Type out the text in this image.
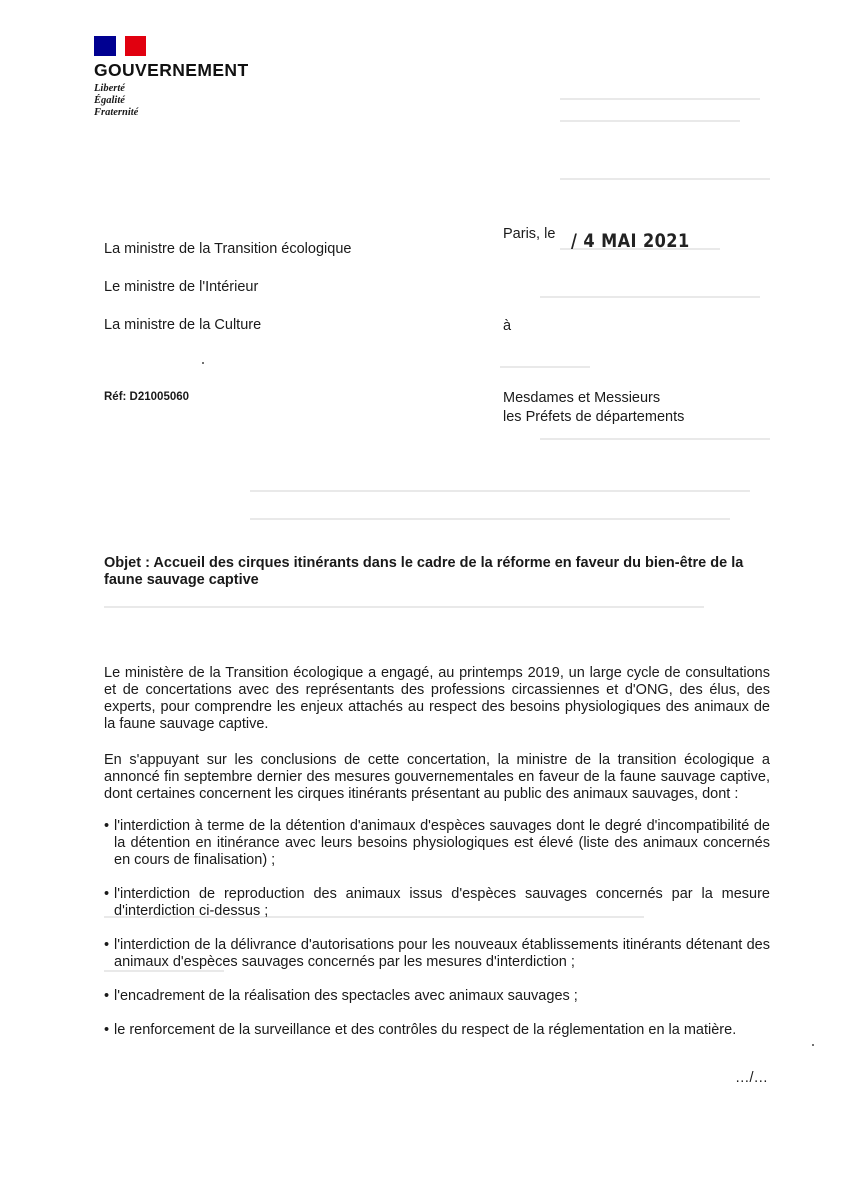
GOUVERNEMENT
Liberté
Égalité
Fraternité
La ministre de la Transition écologique
Le ministre de l'Intérieur
La ministre de la Culture
Paris, le / 4 MAI 2021
à
Réf: D21005060	Mesdames et Messieurs
les Préfets de départements
Objet : Accueil des cirques itinérants dans le cadre de la réforme en faveur du bien-être de la faune sauvage captive
Le ministère de la Transition écologique a engagé, au printemps 2019, un large cycle de consultations et de concertations avec des représentants des professions circassiennes et d'ONG, des élus, des experts, pour comprendre les enjeux attachés au respect des besoins physiologiques des animaux de la faune sauvage captive.
En s'appuyant sur les conclusions de cette concertation, la ministre de la transition écologique a annoncé fin septembre dernier des mesures gouvernementales en faveur de la faune sauvage captive, dont certaines concernent les cirques itinérants présentant au public des animaux sauvages, dont :
• l'interdiction à terme de la détention d'animaux d'espèces sauvages dont le degré d'incompatibilité de la détention en itinérance avec leurs besoins physiologiques est élevé (liste des animaux concernés en cours de finalisation) ;
• l'interdiction de reproduction des animaux issus d'espèces sauvages concernés par la mesure d'interdiction ci-dessus ;
• l'interdiction de la délivrance d'autorisations pour les nouveaux établissements itinérants détenant des animaux d'espèces sauvages concernés par les mesures d'interdiction ;
• l'encadrement de la réalisation des spectacles avec animaux sauvages ;
• le renforcement de la surveillance et des contrôles du respect de la réglementation en la matière.
…/…
